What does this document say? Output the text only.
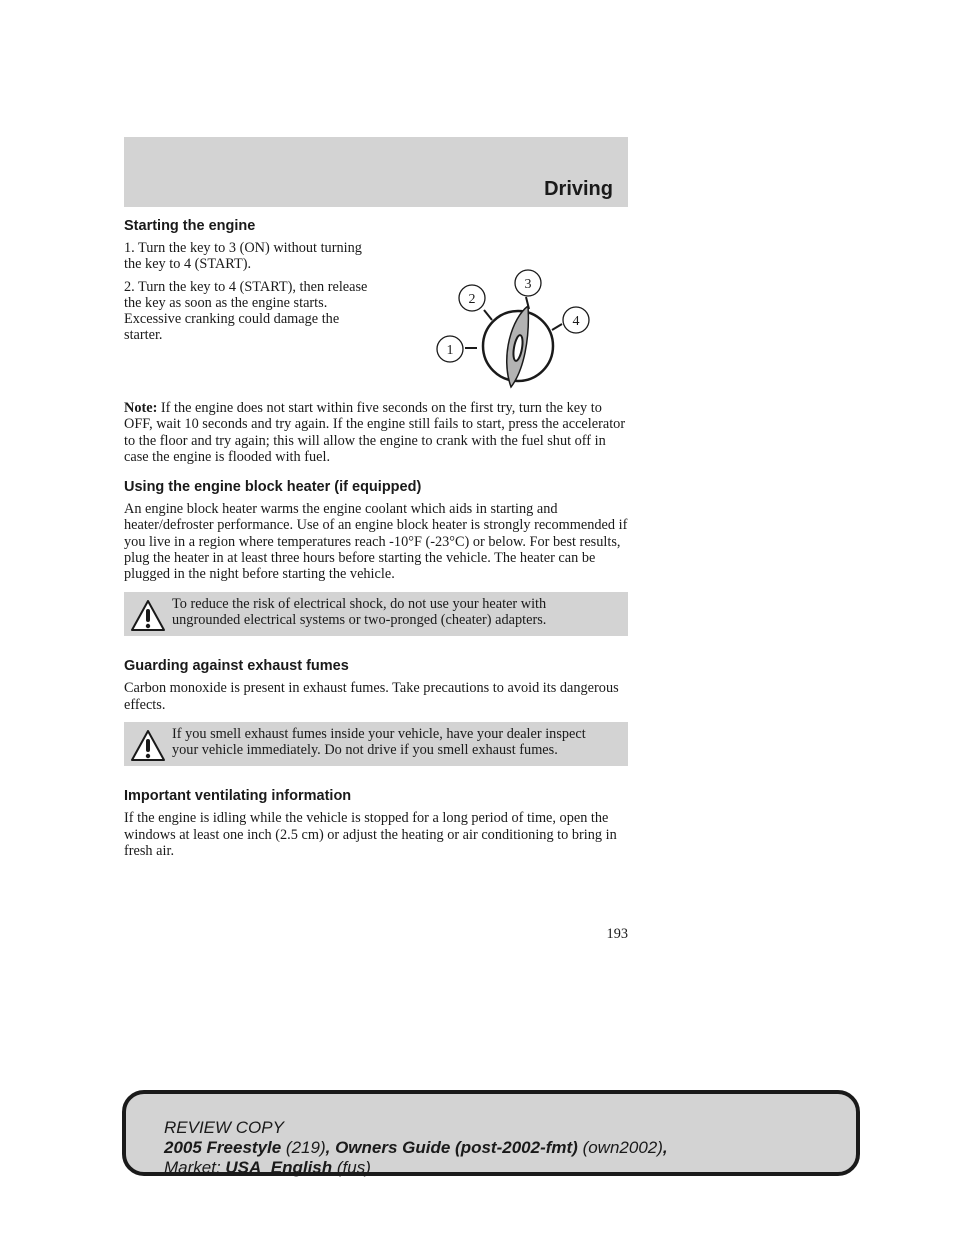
Driving
Starting the engine

1. Turn the key to 3 (ON) without turning the key to 4 (START).

2. Turn the key to 4 (START), then release the key as soon as the engine starts. Excessive cranking could damage the starter.

1
2
3
4

Note: If the engine does not start within five seconds on the first try, turn the key to OFF, wait 10 seconds and try again. If the engine still fails to start, press the accelerator to the floor and try again; this will allow the engine to crank with the fuel shut off in case the engine is flooded with fuel.

Using the engine block heater (if equipped)

An engine block heater warms the engine coolant which aids in starting and heater/defroster performance. Use of an engine block heater is strongly recommended if you live in a region where temperatures reach -10°F (-23°C) or below. For best results, plug the heater in at least three hours before starting the vehicle. The heater can be plugged in the night before starting the vehicle.

To reduce the risk of electrical shock, do not use your heater with ungrounded electrical systems or two-pronged (cheater) adapters.

Guarding against exhaust fumes

Carbon monoxide is present in exhaust fumes. Take precautions to avoid its dangerous effects.

If you smell exhaust fumes inside your vehicle, have your dealer inspect your vehicle immediately. Do not drive if you smell exhaust fumes.

Important ventilating information

If the engine is idling while the vehicle is stopped for a long period of time, open the windows at least one inch (2.5 cm) or adjust the heating or air conditioning to bring in fresh air.

193
REVIEW COPY
2005 Freestyle (219), Owners Guide (post-2002-fmt) (own2002),
Market: USA_English (fus)
